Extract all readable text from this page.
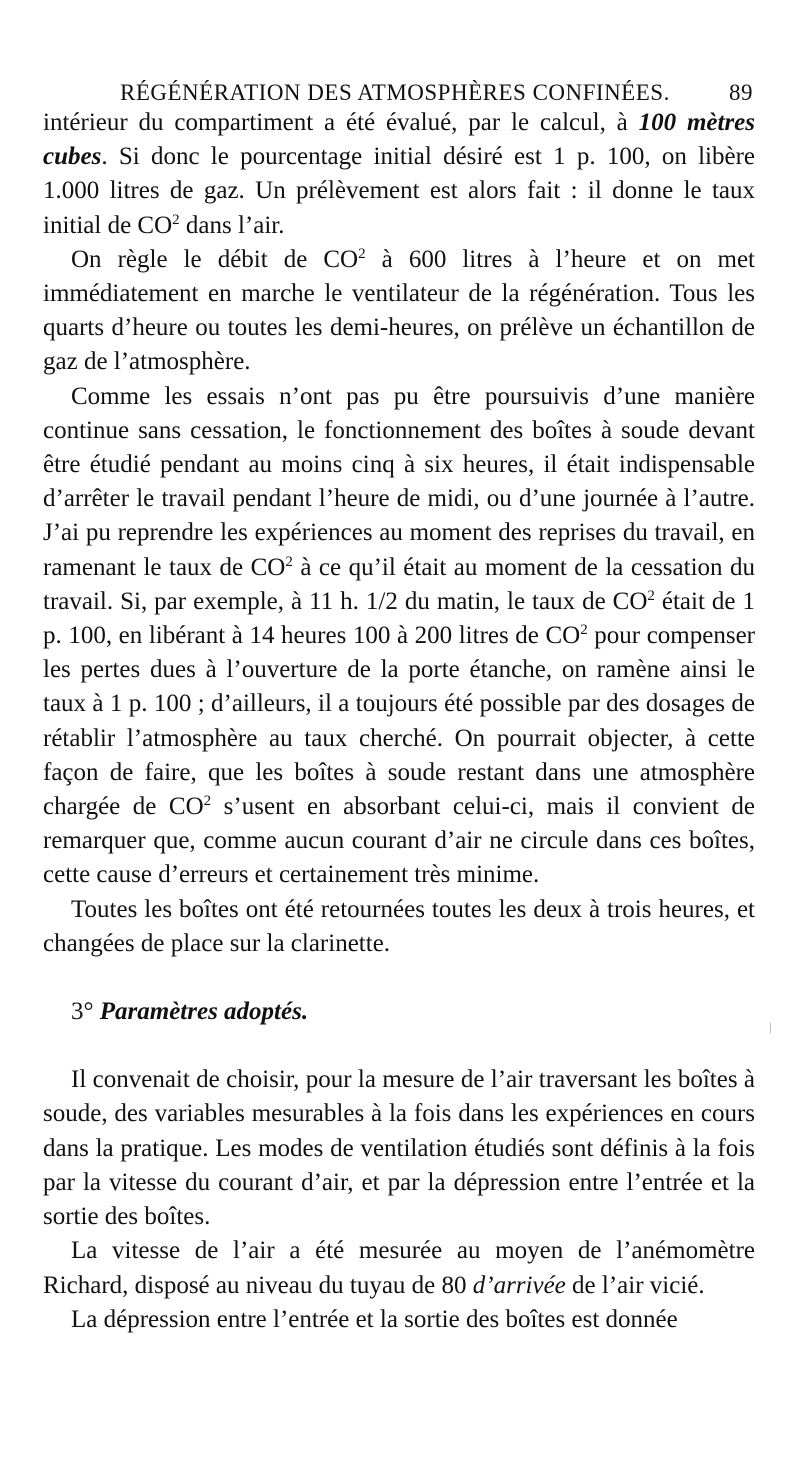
RÉGÉNÉRATION DES ATMOSPHÈRES CONFINÉES.	89

intérieur du compartiment a été évalué, par le calcul, à 100 mètres cubes. Si donc le pourcentage initial désiré est 1 p. 100, on libère 1.000 litres de gaz. Un prélèvement est alors fait : il donne le taux initial de $CO^2$ dans l’air.

On règle le débit de $CO^2$ à 600 litres à l’heure et on met immédiatement en marche le ventilateur de la régénération. Tous les quarts d’heure ou toutes les demi-heures, on prélève un échantillon de gaz de l’atmosphère.

Comme les essais n’ont pas pu être poursuivis d’une manière continue sans cessation, le fonctionnement des boîtes à soude devant être étudié pendant au moins cinq à six heures, il était indispensable d’arrêter le travail pendant l’heure de midi, ou d’une journée à l’autre. J’ai pu reprendre les expériences au moment des reprises du travail, en ramenant le taux de $CO^2$ à ce qu’il était au moment de la cessation du travail. Si, par exemple, à 11 h. 1/2 du matin, le taux de $CO^2$ était de 1 p. 100, en libérant à 14 heures 100 à 200 litres de $CO^2$ pour compenser les pertes dues à l’ouverture de la porte étanche, on ramène ainsi le taux à 1 p. 100 ; d’ailleurs, il a toujours été possible par des dosages de rétablir l’atmosphère au taux cherché. On pourrait objecter, à cette façon de faire, que les boîtes à soude restant dans une atmosphère chargée de $CO^2$ s’usent en absorbant celui-ci, mais il convient de remarquer que, comme aucun courant d’air ne circule dans ces boîtes, cette cause d’erreurs et certainement très minime.

Toutes les boîtes ont été retournées toutes les deux à trois heures, et changées de place sur la clarinette.

3° Paramètres adoptés.

Il convenait de choisir, pour la mesure de l’air traversant les boîtes à soude, des variables mesurables à la fois dans les expériences en cours dans la pratique. Les modes de ventilation étudiés sont définis à la fois par la vitesse du courant d’air, et par la dépression entre l’entrée et la sortie des boîtes.

La vitesse de l’air a été mesurée au moyen de l’anémomètre Richard, disposé au niveau du tuyau de 80 d’arrivée de l’air vicié.

La dépression entre l’entrée et la sortie des boîtes est donnée
